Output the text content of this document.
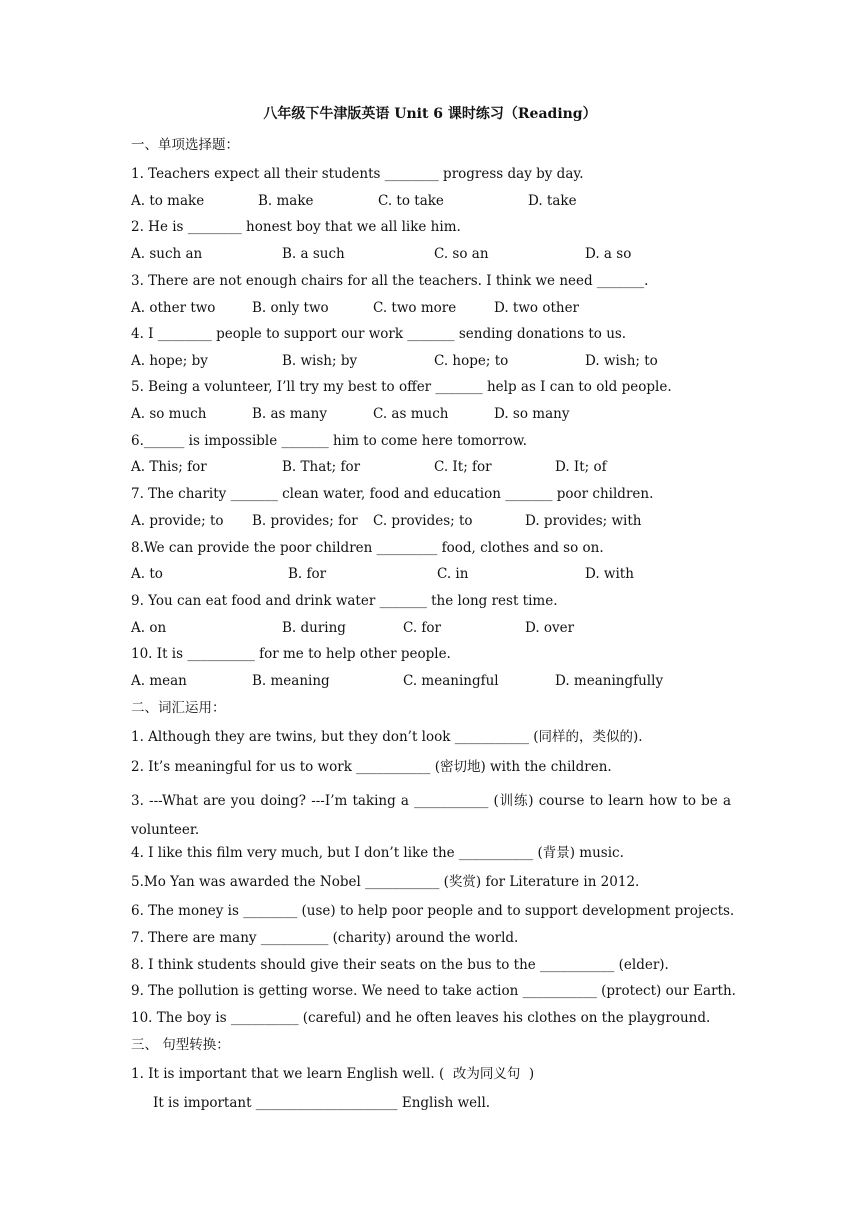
八年级下牛津版英语 Unit 6 课时练习（Reading）
一、单项选择题：
1. Teachers expect all their students ________ progress day by day.
A. to make	B. make	C. to take	D. take
2. He is ________ honest boy that we all like him.
A. such an	B. a such	C. so an	D. a so
3. There are not enough chairs for all the teachers. I think we need _______.
A. other two	B. only two	C. two more	D. two other
4. I ________ people to support our work _______ sending donations to us.
A. hope; by	B. wish; by	C. hope; to	D. wish; to
5. Being a volunteer, I’ll try my best to offer _______ help as I can to old people.
A. so much	B. as many	C. as much	D. so many
6.______ is impossible _______ him to come here tomorrow.
A. This; for	B. That; for	C. It; for	D. It; of
7. The charity _______ clean water, food and education _______ poor children.
A. provide; to B. provides; for C. provides; to	D. provides; with
8.We can provide the poor children _________ food, clothes and so on.
A. to	B. for	C. in	D. with
9. You can eat food and drink water _______ the long rest time.
A. on	B. during	C. for	D. over
10. It is __________ for me to help other people.
A. mean	B. meaning	C. meaningful	D. meaningfully
二、词汇运用：
1. Although they are twins, but they don’t look ___________ (同样的，类似的).
2. It’s meaningful for us to work ___________ (密切地) with the children.
3. ---What are you doing? ---I’m taking a ___________ (训练) course to learn how to be a volunteer.
4. I like this film very much, but I don’t like the ___________ (背景) music.
5.Mo Yan was awarded the Nobel ___________ (奖赏) for Literature in 2012.
6. The money is ________ (use) to help poor people and to support development projects.
7. There are many __________ (charity) around the world.
8. I think students should give their seats on the bus to the ___________ (elder).
9. The pollution is getting worse. We need to take action ___________ (protect) our Earth.
10. The boy is __________ (careful) and he often leaves his clothes on the playground.
三、 句型转换：
1. It is important that we learn English well. (  改为同义句  )
It is important _____________________ English well.
